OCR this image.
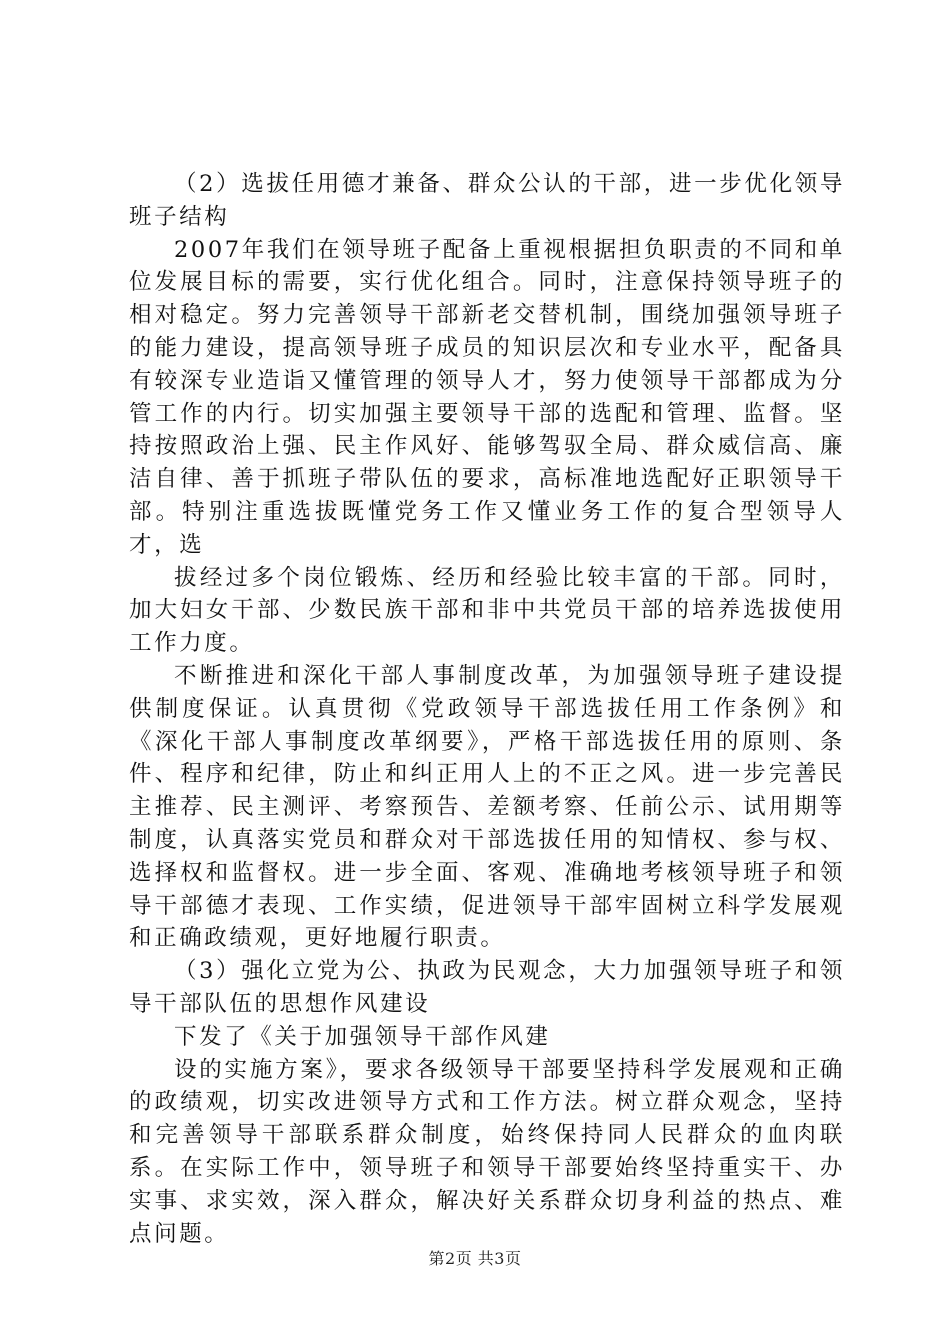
（2）选拔任用德才兼备、群众公认的干部，进一步优化领导班子结构

2007年我们在领导班子配备上重视根据担负职责的不同和单位发展目标的需要，实行优化组合。同时，注意保持领导班子的相对稳定。努力完善领导干部新老交替机制，围绕加强领导班子的能力建设，提高领导班子成员的知识层次和专业水平，配备具有较深专业造诣又懂管理的领导人才，努力使领导干部都成为分管工作的内行。切实加强主要领导干部的选配和管理、监督。坚持按照政治上强、民主作风好、能够驾驭全局、群众威信高、廉洁自律、善于抓班子带队伍的要求，高标准地选配好正职领导干部。特别注重选拔既懂党务工作又懂业务工作的复合型领导人才，选

拔经过多个岗位锻炼、经历和经验比较丰富的干部。同时，加大妇女干部、少数民族干部和非中共党员干部的培养选拔使用工作力度。

不断推进和深化干部人事制度改革，为加强领导班子建设提供制度保证。认真贯彻《党政领导干部选拔任用工作条例》和《深化干部人事制度改革纲要》，严格干部选拔任用的原则、条件、程序和纪律，防止和纠正用人上的不正之风。进一步完善民主推荐、民主测评、考察预告、差额考察、任前公示、试用期等制度，认真落实党员和群众对干部选拔任用的知情权、参与权、选择权和监督权。进一步全面、客观、准确地考核领导班子和领导干部德才表现、工作实绩，促进领导干部牢固树立科学发展观和正确政绩观，更好地履行职责。

（3）强化立党为公、执政为民观念，大力加强领导班子和领导干部队伍的思想作风建设

下发了《关于加强领导干部作风建

设的实施方案》，要求各级领导干部要坚持科学发展观和正确的政绩观，切实改进领导方式和工作方法。树立群众观念，坚持和完善领导干部联系群众制度，始终保持同人民群众的血肉联系。在实际工作中，领导班子和领导干部要始终坚持重实干、办实事、求实效，深入群众，解决好关系群众切身利益的热点、难点问题。

第2页 共3页
